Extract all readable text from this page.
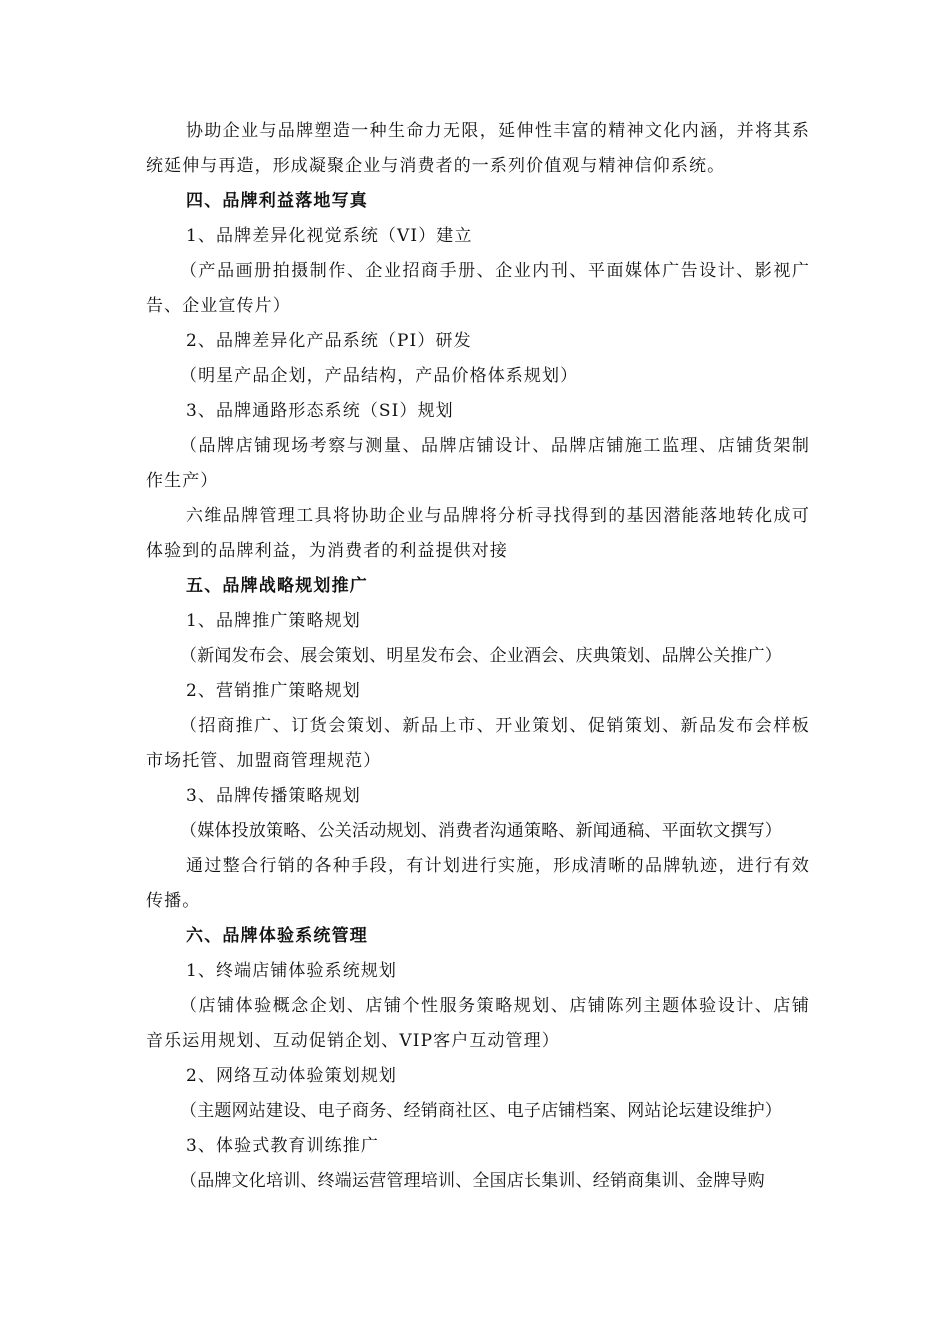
协助企业与品牌塑造一种生命力无限，延伸性丰富的精神文化内涵，并将其系统延伸与再造，形成凝聚企业与消费者的一系列价值观与精神信仰系统。

四、品牌利益落地写真

1、品牌差异化视觉系统（VI）建立

（产品画册拍摄制作、企业招商手册、企业内刊、平面媒体广告设计、影视广告、企业宣传片）

2、品牌差异化产品系统（PI）研发

（明星产品企划，产品结构，产品价格体系规划）

3、品牌通路形态系统（SI）规划

（品牌店铺现场考察与测量、品牌店铺设计、品牌店铺施工监理、店铺货架制作生产）

六维品牌管理工具将协助企业与品牌将分析寻找得到的基因潜能落地转化成可体验到的品牌利益，为消费者的利益提供对接

五、品牌战略规划推广

1、品牌推广策略规划

（新闻发布会、展会策划、明星发布会、企业酒会、庆典策划、品牌公关推广）

2、营销推广策略规划

（招商推广、订货会策划、新品上市、开业策划、促销策划、新品发布会样板市场托管、加盟商管理规范）

3、品牌传播策略规划

（媒体投放策略、公关活动规划、消费者沟通策略、新闻通稿、平面软文撰写）

通过整合行销的各种手段，有计划进行实施，形成清晰的品牌轨迹，进行有效传播。

六、品牌体验系统管理

1、终端店铺体验系统规划

（店铺体验概念企划、店铺个性服务策略规划、店铺陈列主题体验设计、店铺音乐运用规划、互动促销企划、VIP客户互动管理）

2、网络互动体验策划规划

（主题网站建设、电子商务、经销商社区、电子店铺档案、网站论坛建设维护）

3、体验式教育训练推广

（品牌文化培训、终端运营管理培训、全国店长集训、经销商集训、金牌导购
